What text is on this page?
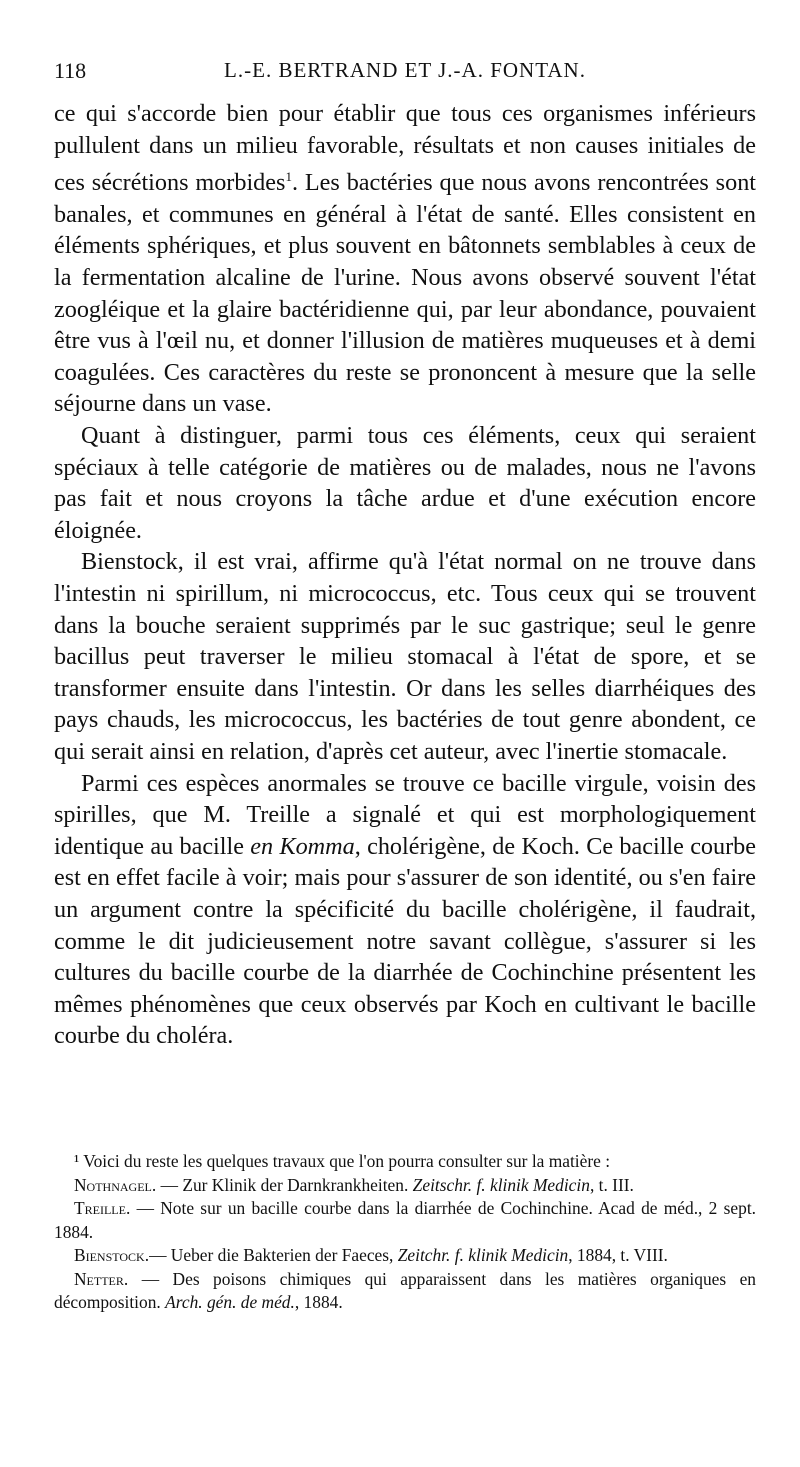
118	L.-E. BERTRAND ET J.-A. FONTAN.

ce qui s'accorde bien pour établir que tous ces organismes inférieurs pullulent dans un milieu favorable, résultats et non causes initiales de ces sécrétions morbides$^1$. Les bactéries que nous avons rencontrées sont banales, et communes en général à l'état de santé. Elles consistent en éléments sphériques, et plus souvent en bâtonnets semblables à ceux de la fermentation alcaline de l'urine. Nous avons observé souvent l'état zoogléique et la glaire bactéridienne qui, par leur abondance, pouvaient être vus à l'œil nu, et donner l'illusion de matières muqueuses et à demi coagulées. Ces caractères du reste se prononcent à mesure que la selle séjourne dans un vase.

Quant à distinguer, parmi tous ces éléments, ceux qui seraient spéciaux à telle catégorie de matières ou de malades, nous ne l'avons pas fait et nous croyons la tâche ardue et d'une exécution encore éloignée.

Bienstock, il est vrai, affirme qu'à l'état normal on ne trouve dans l'intestin ni spirillum, ni micrococcus, etc. Tous ceux qui se trouvent dans la bouche seraient supprimés par le suc gastrique; seul le genre bacillus peut traverser le milieu stomacal à l'état de spore, et se transformer ensuite dans l'intestin. Or dans les selles diarrhéiques des pays chauds, les micrococcus, les bactéries de tout genre abondent, ce qui serait ainsi en relation, d'après cet auteur, avec l'inertie stomacale.

Parmi ces espèces anormales se trouve ce bacille virgule, voisin des spirilles, que M. Treille a signalé et qui est morphologiquement identique au bacille en Komma, cholérigène, de Koch. Ce bacille courbe est en effet facile à voir; mais pour s'assurer de son identité, ou s'en faire un argument contre la spécificité du bacille cholérigène, il faudrait, comme le dit judicieusement notre savant collègue, s'assurer si les cultures du bacille courbe de la diarrhée de Cochinchine présentent les mêmes phénomènes que ceux observés par Koch en cultivant le bacille courbe du choléra.

¹ Voici du reste les quelques travaux que l'on pourra consulter sur la matière :

Nothnagel. — Zur Klinik der Darnkrankheiten. Zeitschr. f. klinik Medicin, t. III.

Treille. — Note sur un bacille courbe dans la diarrhée de Cochinchine. Acad de méd., 2 sept. 1884.

Bienstock.— Ueber die Bakterien der Faeces, Zeitchr. f. klinik Medicin, 1884, t. VIII.

Netter. — Des poisons chimiques qui apparaissent dans les matières organiques en décomposition. Arch. gén. de méd., 1884.
